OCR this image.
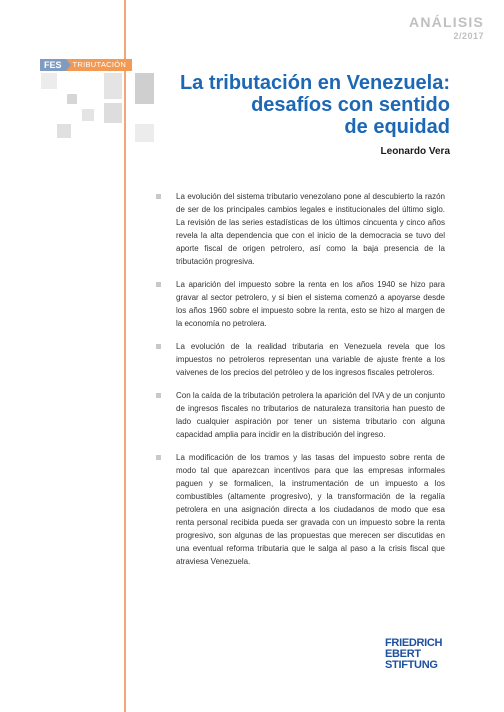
ANÁLISIS
2/2017
FES	TRIBUTACIÓN
La tributación en Venezuela:
desafíos con sentido
de equidad
Leonardo Vera
La evolución del sistema tributario venezolano pone al descubierto la razón de ser de los principales cambios legales e institucionales del último siglo. La revisión de las series estadísticas de los últimos cincuenta y cinco años revela la alta dependencia que con el inicio de la democracia se tuvo del aporte fiscal de origen petrolero, así como la baja presencia de la tributación progresiva.
La aparición del impuesto sobre la renta en los años 1940 se hizo para gravar al sector petrolero, y si bien el sistema comenzó a apoyarse desde los años 1960 sobre el impuesto sobre la renta, esto se hizo al margen de la economía no petrolera.
La evolución de la realidad tributaria en Venezuela revela que los impuestos no petroleros representan una variable de ajuste frente a los vaivenes de los precios del petróleo y de los ingresos fiscales petroleros.
Con la caída de la tributación petrolera la aparición del IVA y de un conjunto de ingresos fiscales no tributarios de naturaleza transitoria han puesto de lado cualquier aspiración por tener un sistema tributario con alguna capacidad amplia para incidir en la distribución del ingreso.
La modificación de los tramos y las tasas del impuesto sobre renta de modo tal que aparezcan incentivos para que las empresas informales paguen y se formalicen, la instrumentación de un impuesto a los combustibles (altamente progresivo), y la transformación de la regalía petrolera en una asignación directa a los ciudadanos de modo que esa renta personal recibida pueda ser gravada con un impuesto sobre la renta progresivo, son algunas de las propuestas que merecen ser discutidas en una eventual reforma tributaria que le salga al paso a la crisis fiscal que atraviesa Venezuela.
FRIEDRICH
EBERT
STIFTUNG
